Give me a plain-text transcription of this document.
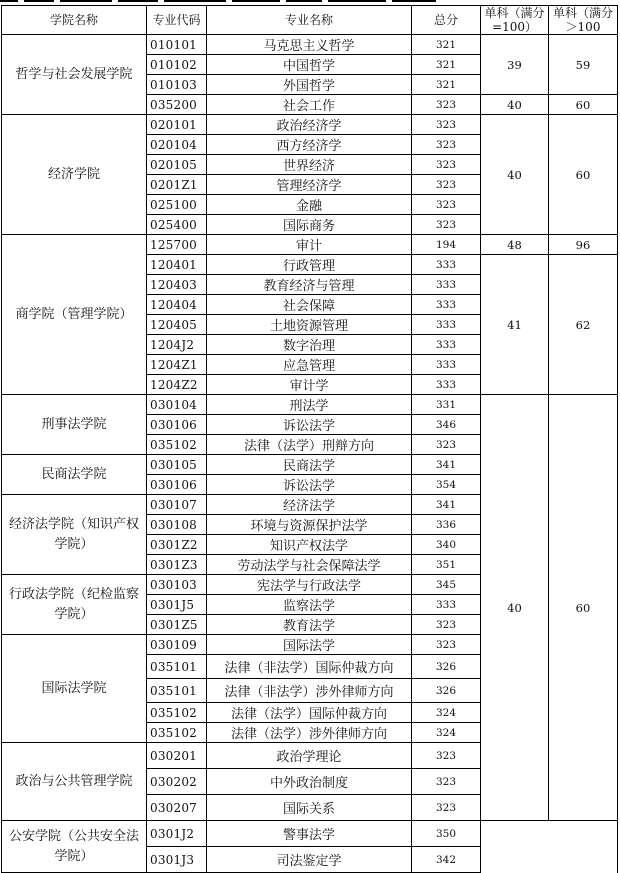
学院名称	专业代码	专业名称	总分	单科（满分=100）	单科（满分＞100	
哲学与社会发展学院	010101	马克思主义哲学	321	39	59	
	010102	中国哲学	321			
	010103	外国哲学	321			
	035200	社会工作	323	40	60	
经济学院	020101	政治经济学	323	40	60	
	020104	西方经济学	323			
	020105	世界经济	323			
	0201Z1	管理经济学	323			
	025100	金融	323			
	025400	国际商务	323			
商学院（管理学院）	125700	审计	194	48	96	
	120401	行政管理	333	41	62	
	120403	教育经济与管理	333			
	120404	社会保障	333			
	120405	土地资源管理	333			
	1204J2	数字治理	333			
	1204Z1	应急管理	333			
	1204Z2	审计学	333			
刑事法学院	030104	刑法学	331	40	60	
	030106	诉讼法学	346			
	035102	法律（法学）刑辩方向	323			
民商法学院	030105	民商法学	341			
	030106	诉讼法学	354			
经济法学院（知识产权学院）	030107	经济法学	341			
	030108	环境与资源保护法学	336			
	0301Z2	知识产权法学	340			
	0301Z3	劳动法学与社会保障法学	351			
行政法学院（纪检监察学院）	030103	宪法学与行政法学	345			
	0301J5	监察法学	333			
	0301Z5	教育法学	323			
国际法学院	030109	国际法学	323			
	035101	法律（非法学）国际仲裁方向	326			
	035101	法律（非法学）涉外律师方向	326			
	035102	法律（法学）国际仲裁方向	324			
	035102	法律（法学）涉外律师方向	324			
政治与公共管理学院	030201	政治学理论	323			
	030202	中外政治制度	323			
	030207	国际关系	323		
公安学院（公共安全法学院）	0301J2	警事法学	350			
	0301J3	司法鉴定学	342			
